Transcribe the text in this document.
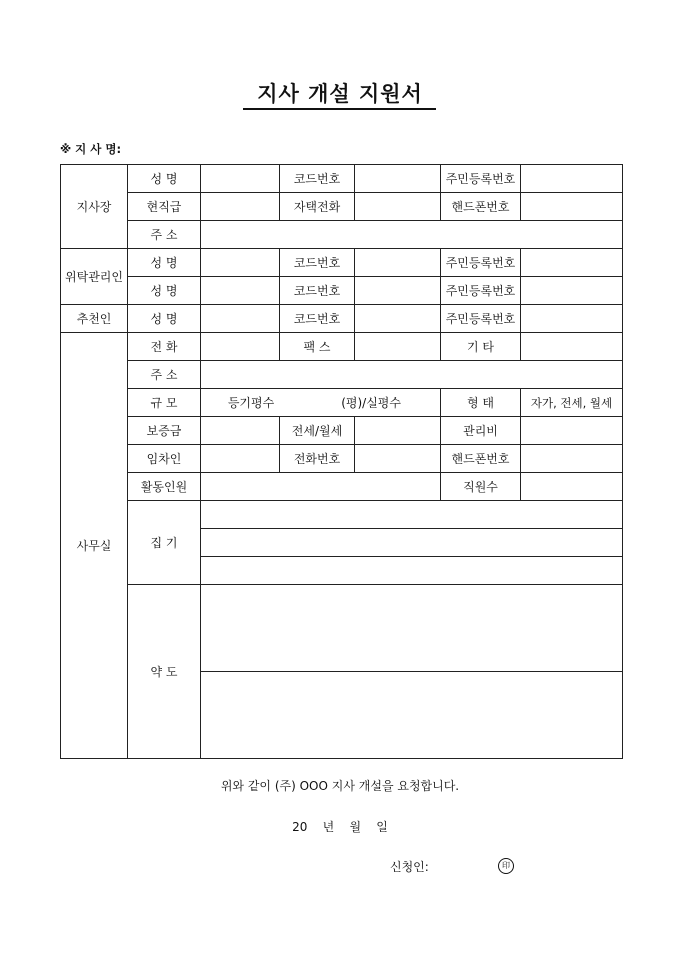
지사 개설 지원서
※ 지 사 명:
지사장	성 명		코드번호		주민등록번호	
	현직급		자택전화		핸드폰번호	
	주 소					
위탁관리인	성 명		코드번호		주민등록번호	
	성 명		코드번호		주민등록번호	
추천인	성 명		코드번호		주민등록번호	
사무실	전 화		팩 스		기 타	
	주 소					
	규 모	등기평수 (평)/실평수			형 태	자가, 전세, 월세
	보증금		전세/월세		관리비	
	임차인		전화번호		핸드폰번호	
	활동인원				직원수	
	집 기					

	약 도					

위와 같이 (주) OOO 지사 개설을 요청합니다.
20    년    월    일
신청인:	印
